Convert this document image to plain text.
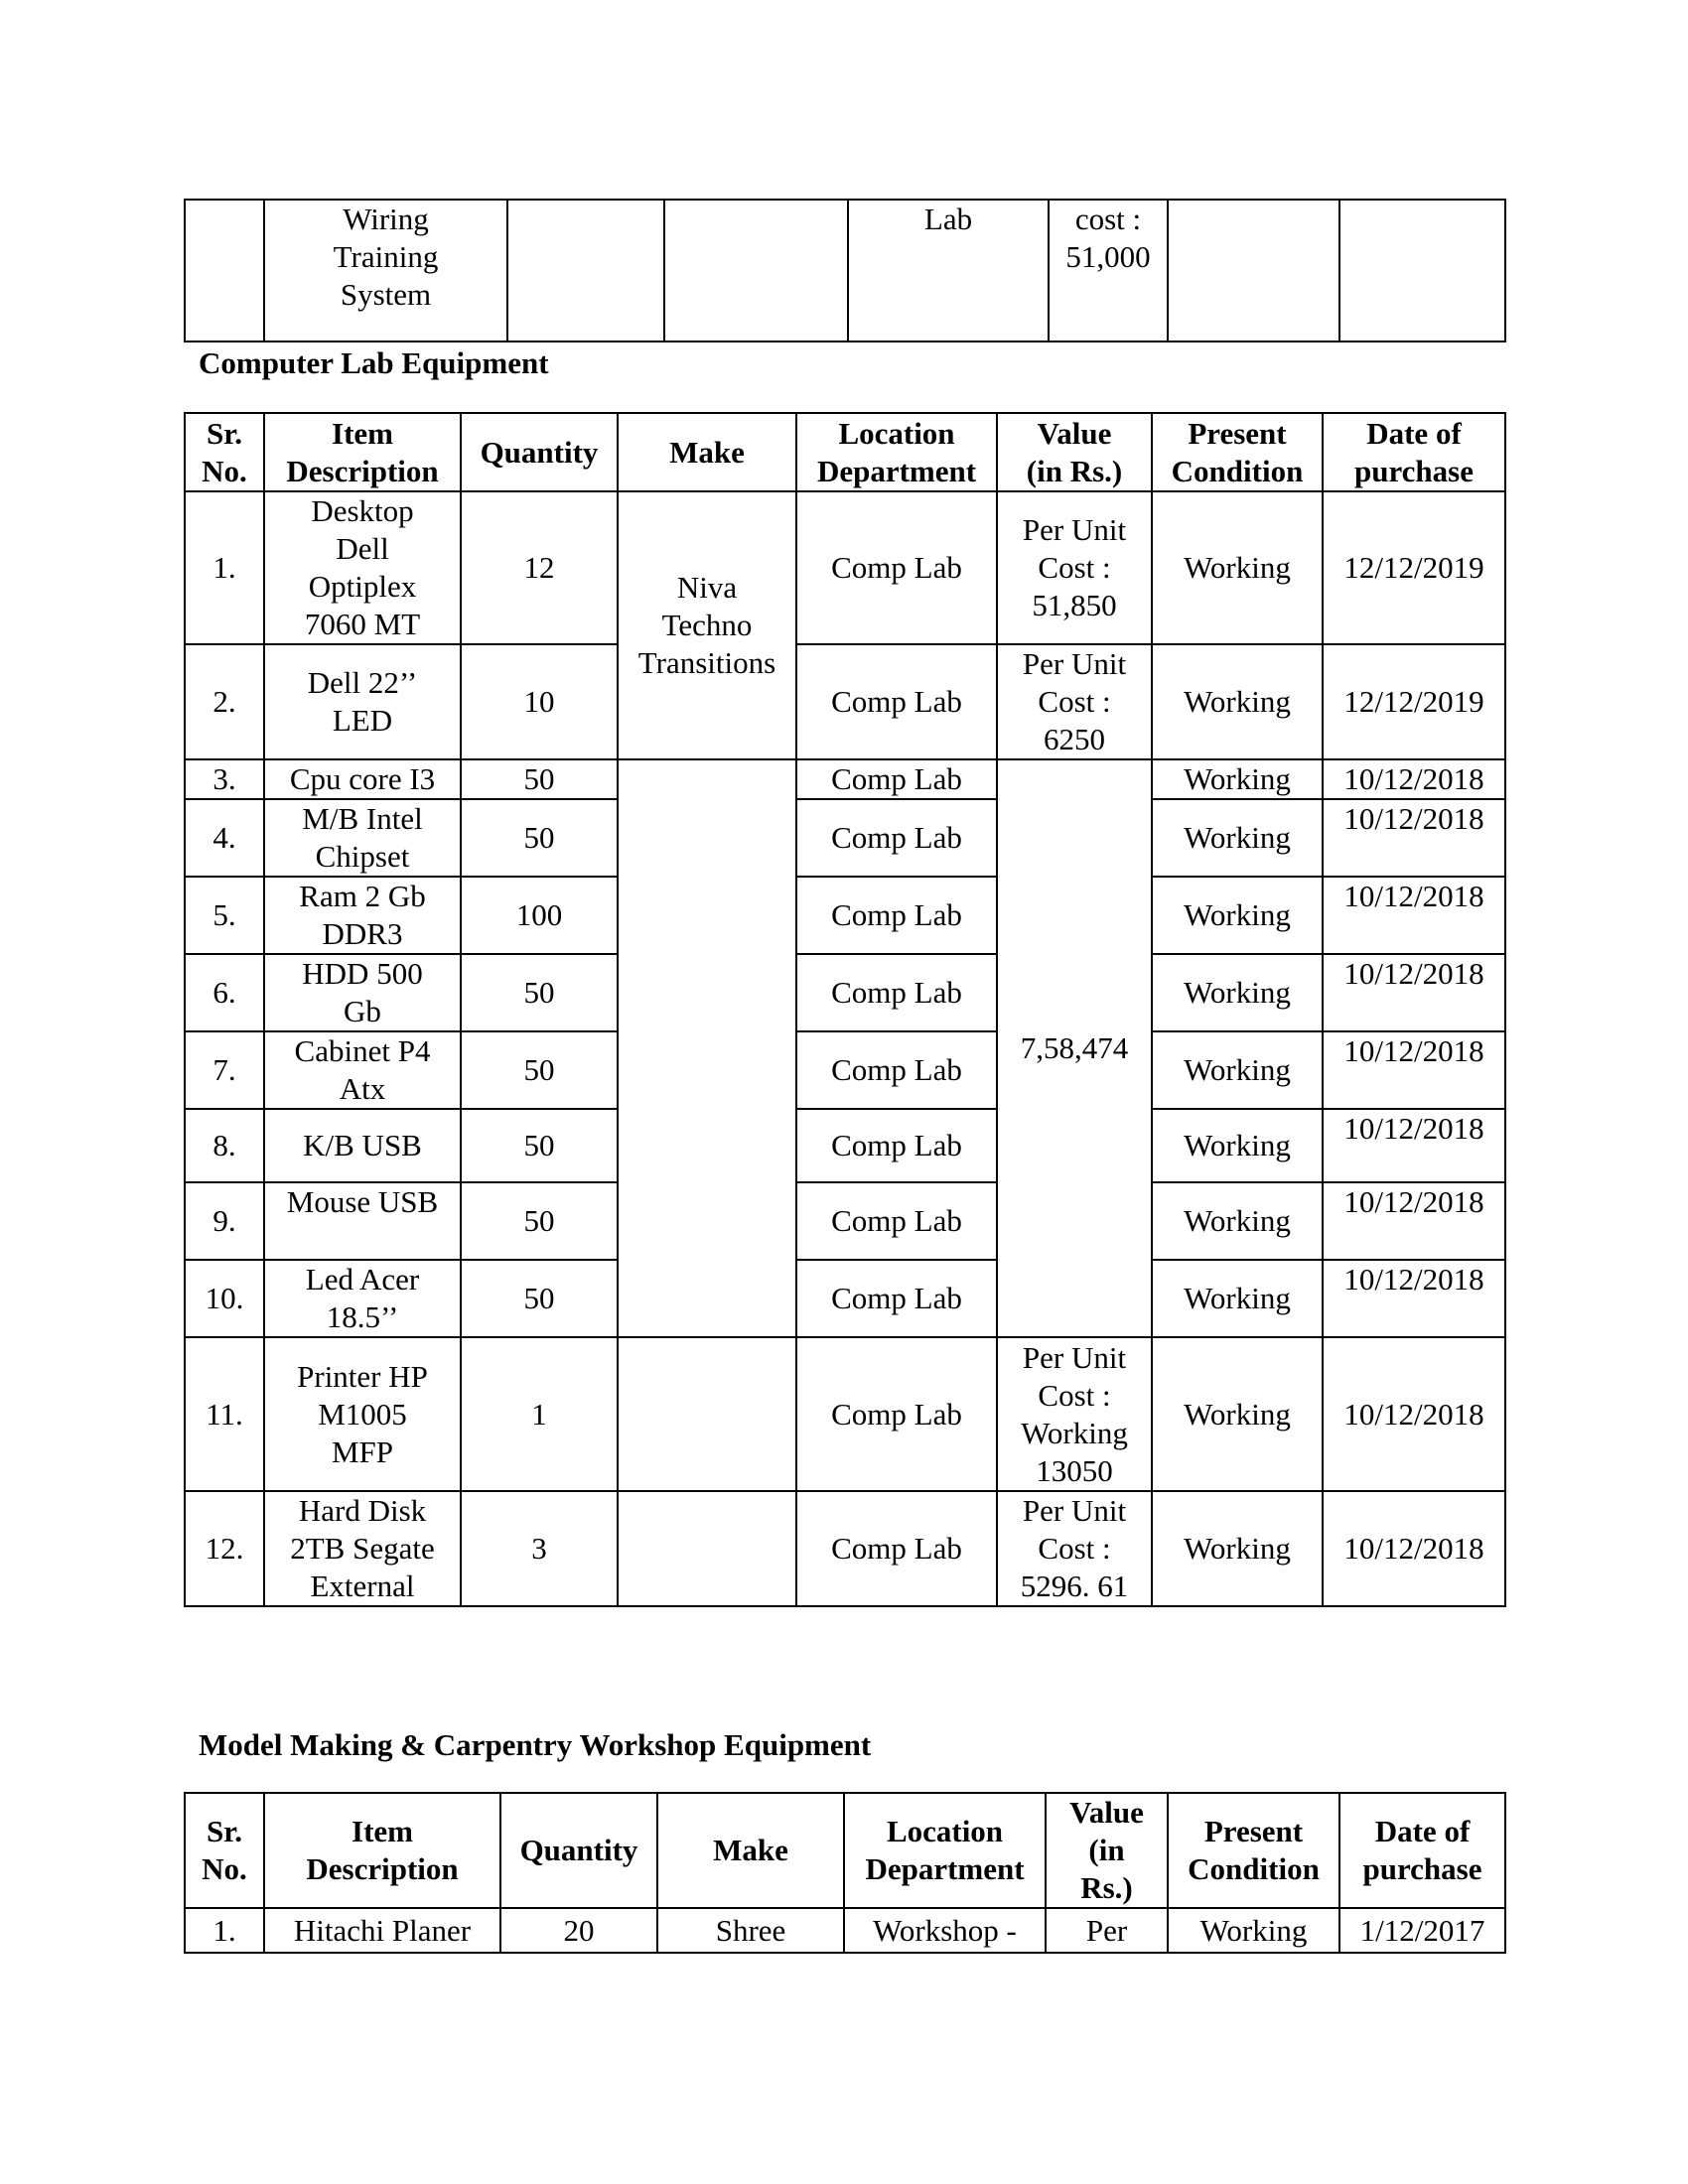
	Wiring
Training
System			Lab	cost :
51,000		
Computer Lab Equipment
Sr.
No.	Item
Description	Quantity	Make	Location
Department	Value
(in Rs.)	Present
Condition	Date of
purchase
1.	Desktop
Dell
Optiplex
7060 MT	12	Niva
Techno
Transitions	Comp Lab	Per Unit
Cost :
51,850	Working	12/12/2019
2.	Dell 22’’
LED	10		Comp Lab	Per Unit
Cost :
6250	Working	12/12/2019
3.	Cpu core I3	50		Comp Lab	7,58,474	Working	10/12/2018
4.	M/B Intel
Chipset	50		Comp Lab		Working	10/12/2018
5.	Ram 2 Gb
DDR3	100		Comp Lab		Working	10/12/2018
6.	HDD 500
Gb	50		Comp Lab		Working	10/12/2018
7.	Cabinet P4
Atx	50		Comp Lab		Working	10/12/2018
8.	K/B USB	50		Comp Lab		Working	10/12/2018
9.	Mouse USB	50		Comp Lab		Working	10/12/2018
10.	Led Acer
18.5’’	50		Comp Lab		Working	10/12/2018
11.	Printer HP
M1005
MFP	1		Comp Lab	Per Unit
Cost :
Working
13050	Working	10/12/2018
12.	Hard Disk
2TB Segate
External	3		Comp Lab	Per Unit
Cost :
5296. 61	Working	10/12/2018
Model Making & Carpentry Workshop Equipment
Sr.
No.	Item
Description	Quantity	Make	Location
Department	Value
(in
Rs.)	Present
Condition	Date of
purchase
1.	Hitachi Planer	20	Shree	Workshop -	Per	Working	1/12/2017
